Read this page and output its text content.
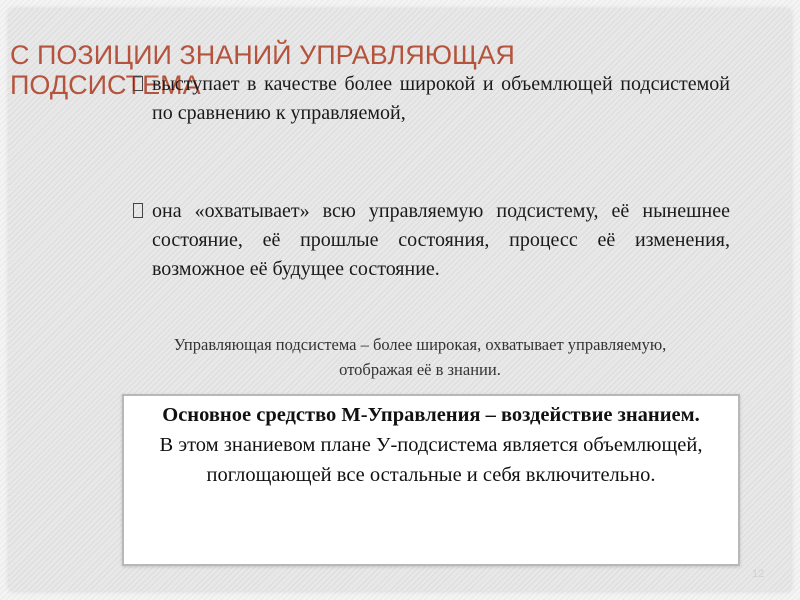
С ПОЗИЦИИ ЗНАНИЙ УПРАВЛЯЮЩАЯ ПОДСИСТЕМА

выступает в качестве более широкой и объемлющей подсистемой по сравнению к управляемой,

она «охватывает» всю управляемую подсистему, её нынешнее состояние, её прошлые состояния, процесс её изменения, возможное её будущее состояние.

Управляющая подсистема – более широкая, охватывает управляемую, отображая её в знании.

Основное средство М-Управления – воздействие знанием.
В этом знаниевом плане У-подсистема является объемлющей, поглощающей все остальные и себя включительно.
12
